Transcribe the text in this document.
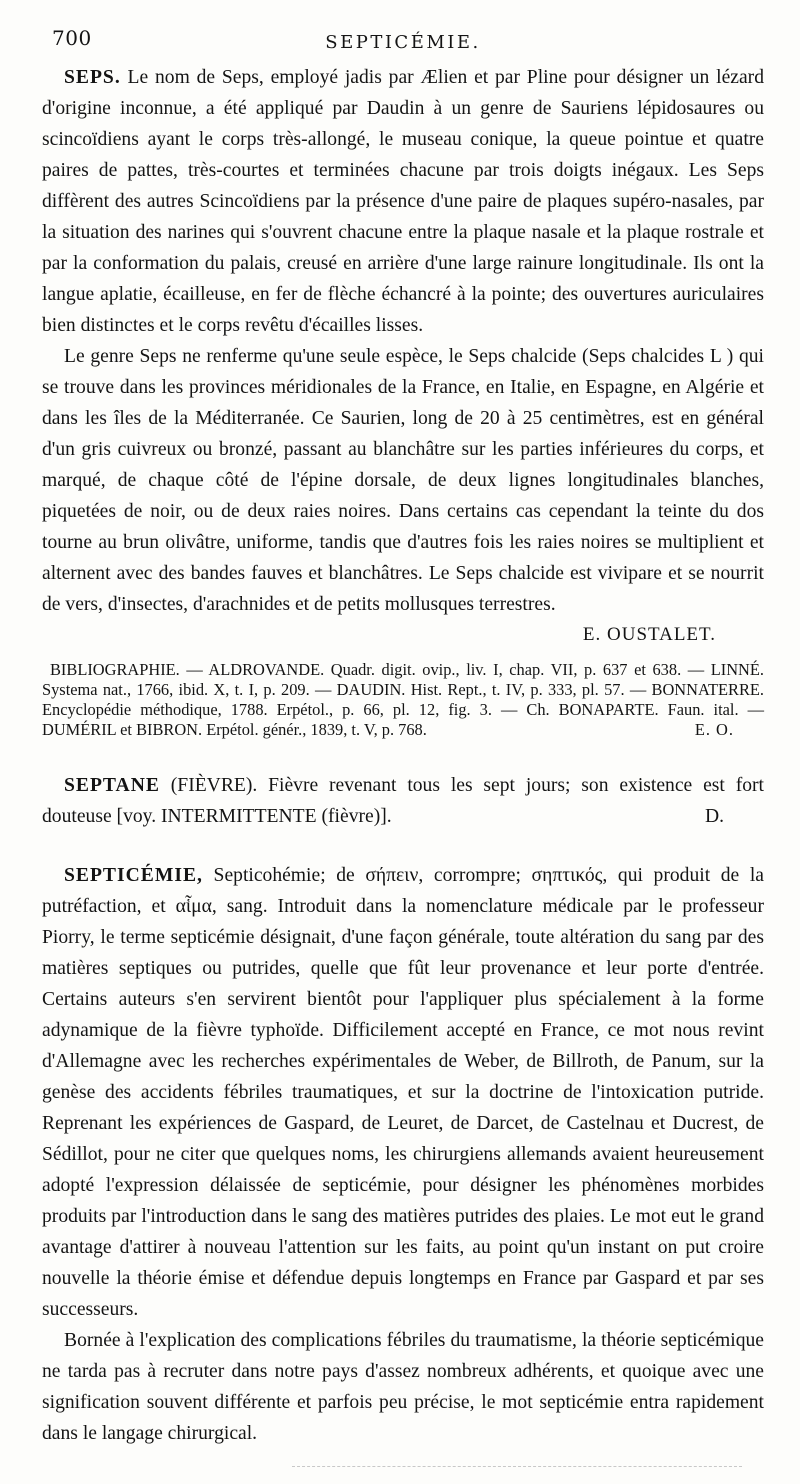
700	SEPTICÉMIE.

SEPS. Le nom de Seps, employé jadis par Ælien et par Pline pour désigner un lézard d'origine inconnue, a été appliqué par Daudin à un genre de Sauriens lépidosaures ou scincoïdiens ayant le corps très-allongé, le museau conique, la queue pointue et quatre paires de pattes, très-courtes et terminées chacune par trois doigts inégaux. Les Seps diffèrent des autres Scincoïdiens par la présence d'une paire de plaques supéro-nasales, par la situation des narines qui s'ouvrent chacune entre la plaque nasale et la plaque rostrale et par la conformation du palais, creusé en arrière d'une large rainure longitudinale. Ils ont la langue aplatie, écailleuse, en fer de flèche échancré à la pointe; des ouvertures auriculaires bien distinctes et le corps revêtu d'écailles lisses.

Le genre Seps ne renferme qu'une seule espèce, le Seps chalcide (Seps chalcides L ) qui se trouve dans les provinces méridionales de la France, en Italie, en Espagne, en Algérie et dans les îles de la Méditerranée. Ce Saurien, long de 20 à 25 centimètres, est en général d'un gris cuivreux ou bronzé, passant au blanchâtre sur les parties inférieures du corps, et marqué, de chaque côté de l'épine dorsale, de deux lignes longitudinales blanches, piquetées de noir, ou de deux raies noires. Dans certains cas cependant la teinte du dos tourne au brun olivâtre, uniforme, tandis que d'autres fois les raies noires se multiplient et alternent avec des bandes fauves et blanchâtres. Le Seps chalcide est vivipare et se nourrit de vers, d'insectes, d'arachnides et de petits mollusques terrestres.

E. OUSTALET.

BIBLIOGRAPHIE. — ALDROVANDE. Quadr. digit. ovip., liv. I, chap. VII, p. 637 et 638. — LINNÉ. Systema nat., 1766, ibid. X, t. I, p. 209. — DAUDIN. Hist. Rept., t. IV, p. 333, pl. 57. — BONNATERRE. Encyclopédie méthodique, 1788. Erpétol., p. 66, pl. 12, fig. 3. — Ch. BONAPARTE. Faun. ital. — DUMÉRIL et BIBRON. Erpétol. génér., 1839, t. V, p. 768.	E. O.

SEPTANE (FIÈVRE). Fièvre revenant tous les sept jours; son existence est fort douteuse [voy. INTERMITTENTE (fièvre)].	D.

SEPTICÉMIE, Septicohémie; de σήπειν, corrompre; σηπτικός, qui produit de la putréfaction, et αἷμα, sang. Introduit dans la nomenclature médicale par le professeur Piorry, le terme septicémie désignait, d'une façon générale, toute altération du sang par des matières septiques ou putrides, quelle que fût leur provenance et leur porte d'entrée. Certains auteurs s'en servirent bientôt pour l'appliquer plus spécialement à la forme adynamique de la fièvre typhoïde. Difficilement accepté en France, ce mot nous revint d'Allemagne avec les recherches expérimentales de Weber, de Billroth, de Panum, sur la genèse des accidents fébriles traumatiques, et sur la doctrine de l'intoxication putride. Reprenant les expériences de Gaspard, de Leuret, de Darcet, de Castelnau et Ducrest, de Sédillot, pour ne citer que quelques noms, les chirurgiens allemands avaient heureusement adopté l'expression délaissée de septicémie, pour désigner les phénomènes morbides produits par l'introduction dans le sang des matières putrides des plaies. Le mot eut le grand avantage d'attirer à nouveau l'attention sur les faits, au point qu'un instant on put croire nouvelle la théorie émise et défendue depuis longtemps en France par Gaspard et par ses successeurs.

Bornée à l'explication des complications fébriles du traumatisme, la théorie septicémique ne tarda pas à recruter dans notre pays d'assez nombreux adhérents, et quoique avec une signification souvent différente et parfois peu précise, le mot septicémie entra rapidement dans le langage chirurgical.
